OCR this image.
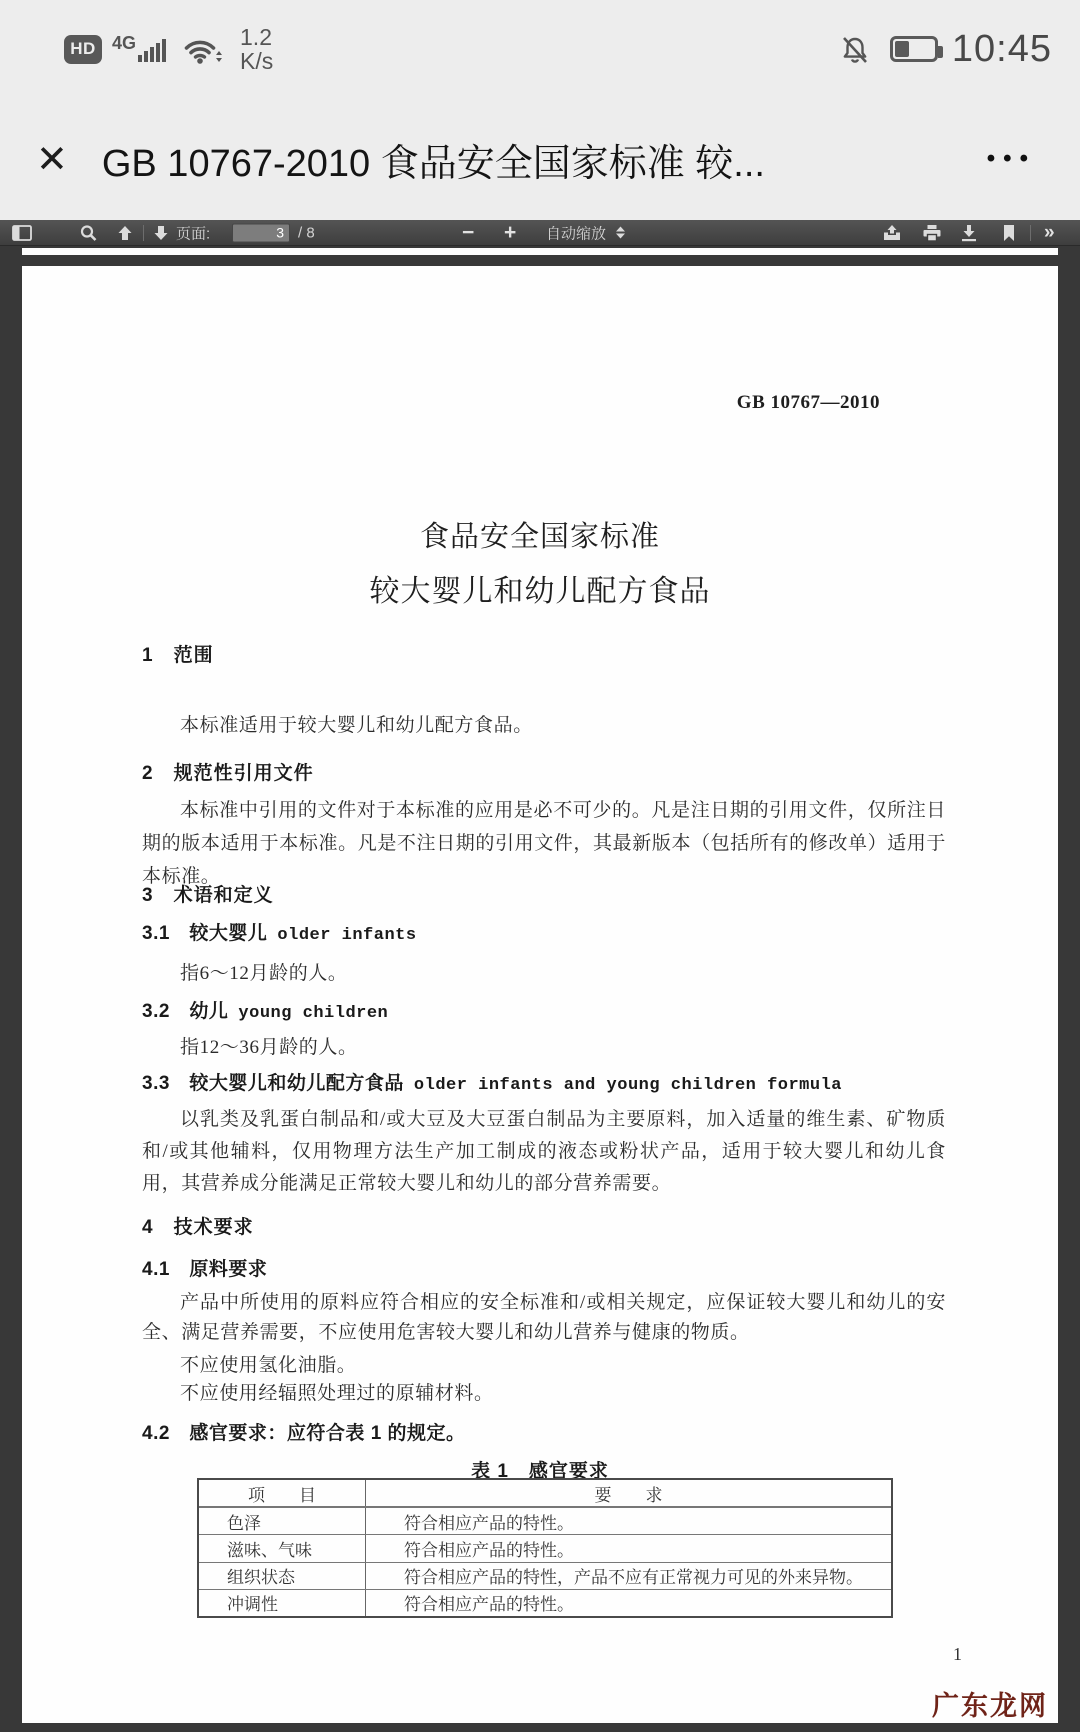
HD 4G	1.2
K/s	10:45
✕ GB 10767-2010 食品安全国家标准 较...	•••
页面:
3	/ 8	− + 自动缩放	»
GB 10767—2010
食品安全国家标准
较大婴儿和幼儿配方食品
1　范围
本标准适用于较大婴儿和幼儿配方食品。
2　规范性引用文件
本标准中引用的文件对于本标准的应用是必不可少的。凡是注日期的引用文件，仅所注日期的版本适用于本标准。凡是不注日期的引用文件，其最新版本（包括所有的修改单）适用于本标准。
3　术语和定义
3.1　较大婴儿 older infants
指6～12月龄的人。
3.2　幼儿 young children
指12～36月龄的人。
3.3　较大婴儿和幼儿配方食品 older infants and young children formula
以乳类及乳蛋白制品和/或大豆及大豆蛋白制品为主要原料，加入适量的维生素、矿物质和/或其他辅料，仅用物理方法生产加工制成的液态或粉状产品，适用于较大婴儿和幼儿食用，其营养成分能满足正常较大婴儿和幼儿的部分营养需要。
4　技术要求
4.1　原料要求
产品中所使用的原料应符合相应的安全标准和/或相关规定，应保证较大婴儿和幼儿的安全、满足营养需要，不应使用危害较大婴儿和幼儿营养与健康的物质。
不应使用氢化油脂。
不应使用经辐照处理过的原辅材料。
4.2　感官要求：应符合表 1 的规定。
表 1　感官要求
项　　目	要　　求
色泽	符合相应产品的特性。
滋味、气味	符合相应产品的特性。
组织状态	符合相应产品的特性，产品不应有正常视力可见的外来异物。
冲调性	符合相应产品的特性。
1
广东龙网
